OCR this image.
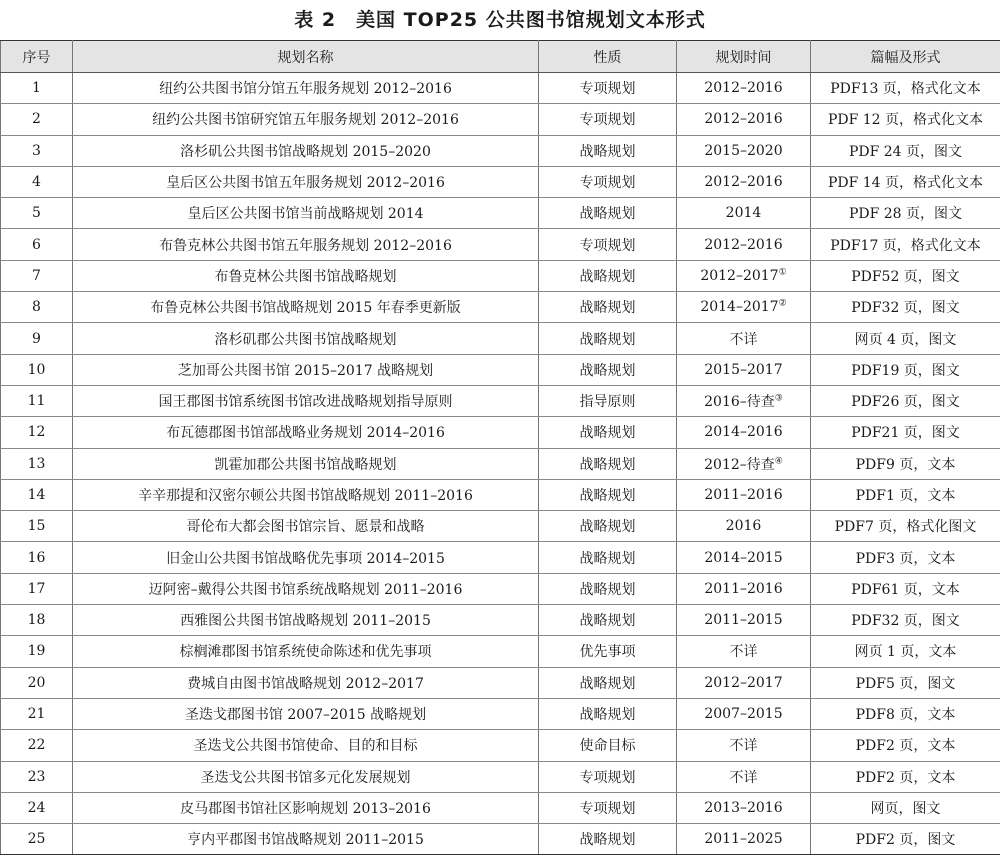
表 2　美国 TOP25 公共图书馆规划文本形式
序号	规划名称	性质	规划时间	篇幅及形式
1	纽约公共图书馆分馆五年服务规划 2012–2016	专项规划	2012–2016	PDF13 页，格式化文本
2	纽约公共图书馆研究馆五年服务规划 2012–2016	专项规划	2012–2016	PDF 12 页，格式化文本
3	洛杉矶公共图书馆战略规划 2015–2020	战略规划	2015–2020	PDF 24 页，图文
4	皇后区公共图书馆五年服务规划 2012–2016	专项规划	2012–2016	PDF 14 页，格式化文本
5	皇后区公共图书馆当前战略规划 2014	战略规划	2014	PDF 28 页，图文
6	布鲁克林公共图书馆五年服务规划 2012–2016	专项规划	2012–2016	PDF17 页，格式化文本
7	布鲁克林公共图书馆战略规划	战略规划	2012–2017①	PDF52 页，图文
8	布鲁克林公共图书馆战略规划 2015 年春季更新版	战略规划	2014–2017②	PDF32 页，图文
9	洛杉矶郡公共图书馆战略规划	战略规划	不详	网页 4 页，图文
10	芝加哥公共图书馆 2015–2017 战略规划	战略规划	2015–2017	PDF19 页，图文
11	国王郡图书馆系统图书馆改进战略规划指导原则	指导原则	2016–待查③	PDF26 页，图文
12	布瓦德郡图书馆部战略业务规划 2014–2016	战略规划	2014–2016	PDF21 页，图文
13	凯霍加郡公共图书馆战略规划	战略规划	2012–待查④	PDF9 页，文本
14	辛辛那提和汉密尔顿公共图书馆战略规划 2011–2016	战略规划	2011–2016	PDF1 页，文本
15	哥伦布大都会图书馆宗旨、愿景和战略	战略规划	2016	PDF7 页，格式化图文
16	旧金山公共图书馆战略优先事项 2014–2015	战略规划	2014–2015	PDF3 页，文本
17	迈阿密–戴得公共图书馆系统战略规划 2011–2016	战略规划	2011–2016	PDF61 页，文本
18	西雅图公共图书馆战略规划 2011–2015	战略规划	2011–2015	PDF32 页，图文
19	棕榈滩郡图书馆系统使命陈述和优先事项	优先事项	不详	网页 1 页，文本
20	费城自由图书馆战略规划 2012–2017	战略规划	2012–2017	PDF5 页，图文
21	圣迭戈郡图书馆 2007–2015 战略规划	战略规划	2007–2015	PDF8 页，文本
22	圣迭戈公共图书馆使命、目的和目标	使命目标	不详	PDF2 页，文本
23	圣迭戈公共图书馆多元化发展规划	专项规划	不详	PDF2 页，文本
24	皮马郡图书馆社区影响规划 2013–2016	专项规划	2013–2016	网页，图文
25	亨内平郡图书馆战略规划 2011–2015	战略规划	2011–2025	PDF2 页，图文
